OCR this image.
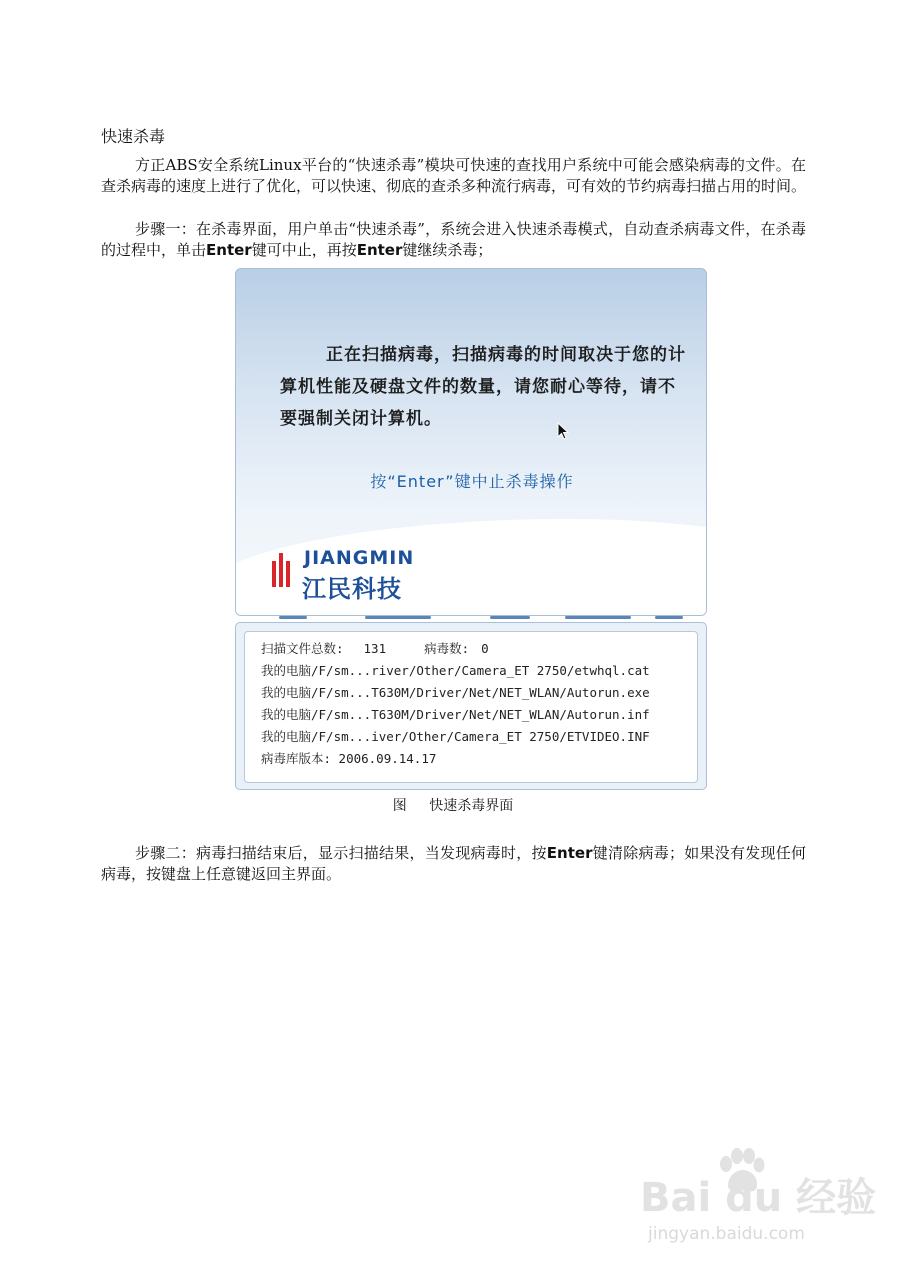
快速杀毒
方正ABS安全系统Linux平台的“快速杀毒”模块可快速的查找用户系统中可能会感染病毒的文件。在查杀病毒的速度上进行了优化，可以快速、彻底的查杀多种流行病毒，可有效的节约病毒扫描占用的时间。
步骤一：在杀毒界面，用户单击“快速杀毒”，系统会进入快速杀毒模式，自动查杀病毒文件，在杀毒的过程中，单击Enter键可中止，再按Enter键继续杀毒；
正在扫描病毒，扫描病毒的时间取决于您的计算机性能及硬盘文件的数量，请您耐心等待，请不要强制关闭计算机。
按“Enter”键中止杀毒操作
JIANGMIN
江民科技
扫描文件总数: 131	病毒数: 0
我的电脑/F/sm...river/Other/Camera_ET 2750/etwhql.cat
我的电脑/F/sm...T630M/Driver/Net/NET_WLAN/Autorun.exe
我的电脑/F/sm...T630M/Driver/Net/NET_WLAN/Autorun.inf
我的电脑/F/sm...iver/Other/Camera_ET 2750/ETVIDEO.INF
病毒库版本: 2006.09.14.17
图 快速杀毒界面
步骤二：病毒扫描结束后，显示扫描结果，当发现病毒时，按Enter键清除病毒；如果没有发现任何病毒，按键盘上任意键返回主界面。
Bai du 经验
jingyan.baidu.com
